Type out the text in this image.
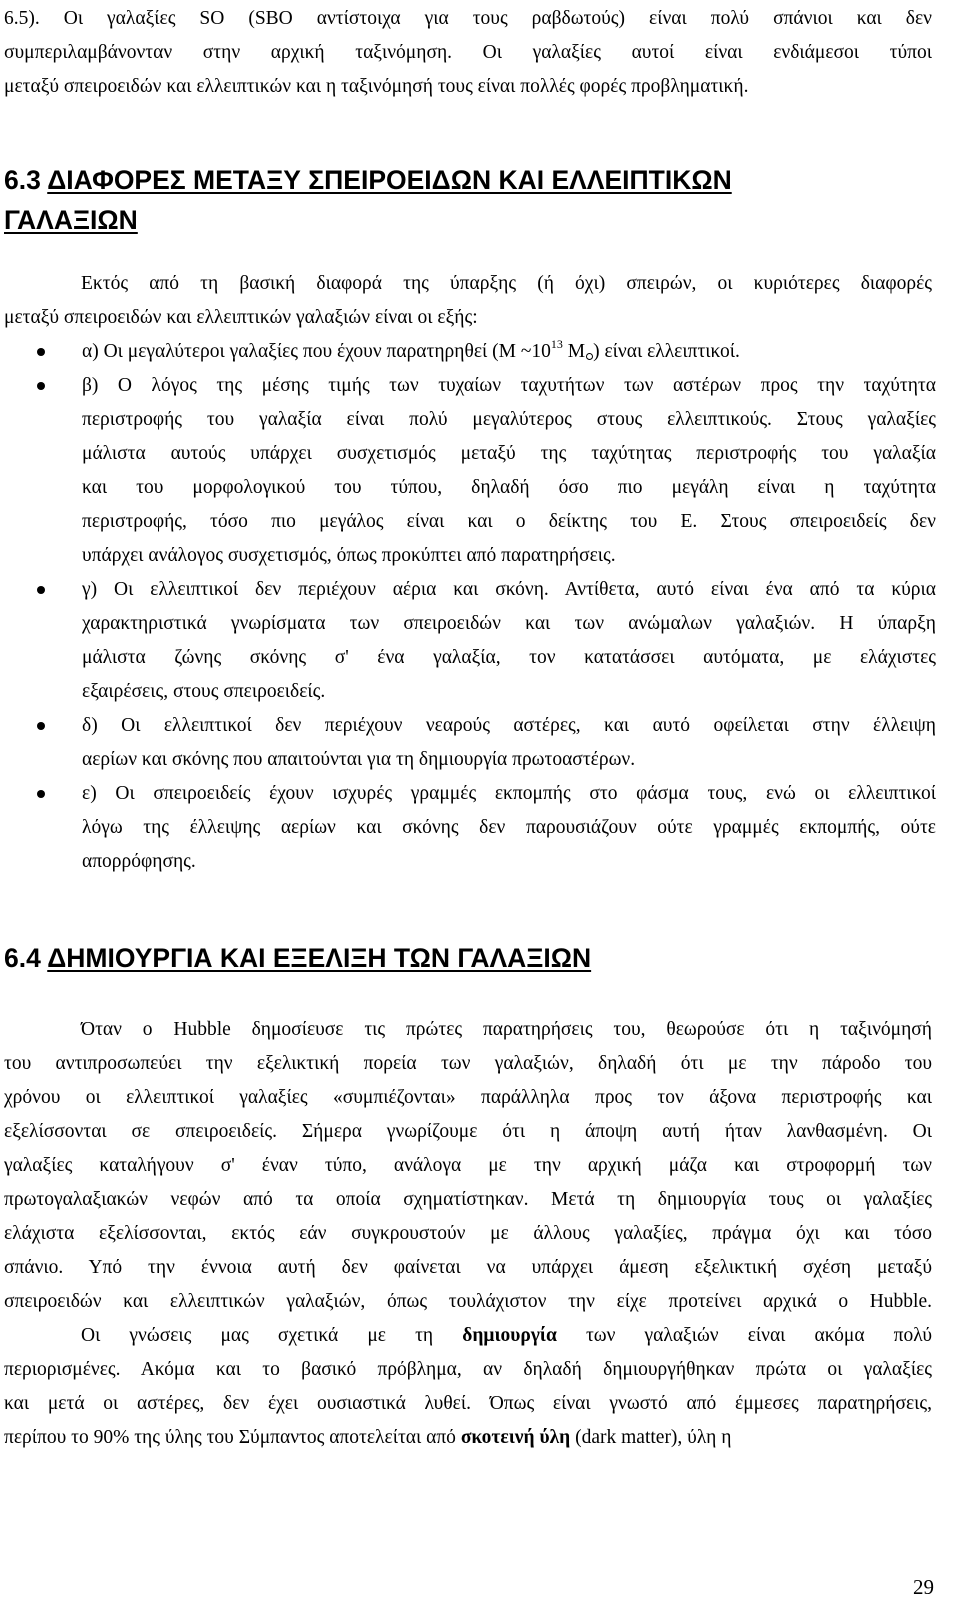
6.5). Οι γαλαξίες SO (SBO αντίστοιχα για τους ραβδωτούς) είναι πολύ σπάνιοι και δεν
συμπεριλαμβάνονταν στην αρχική ταξινόμηση. Οι γαλαξίες αυτοί είναι ενδιάμεσοι τύποι
μεταξύ σπειροειδών και ελλειπτικών και η ταξινόμησή τους είναι πολλές φορές προβληματική.
6.3 ΔΙΑΦΟΡΕΣ ΜΕΤΑΞΥ ΣΠΕΙΡΟΕΙΔΩΝ ΚΑΙ ΕΛΛΕΙΠΤΙΚΩΝ
ΓΑΛΑΞΙΩΝ
Εκτός από τη βασική διαφορά της ύπαρξης (ή όχι) σπειρών, οι κυριότερες διαφορές
μεταξύ σπειροειδών και ελλειπτικών γαλαξιών είναι οι εξής:
α) Οι μεγαλύτεροι γαλαξίες που έχουν παρατηρηθεί (Μ $\sim 10^{13}$ Μ ) είναι ελλειπτικοί.
β) Ο λόγος της μέσης τιμής των τυχαίων ταχυτήτων των αστέρων προς την ταχύτητα
περιστροφής του γαλαξία είναι πολύ μεγαλύτερος στους ελλειπτικούς. Στους γαλαξίες
μάλιστα αυτούς υπάρχει συσχετισμός μεταξύ της ταχύτητας περιστροφής του γαλαξία
και του μορφολογικού του τύπου, δηλαδή όσο πιο μεγάλη είναι η ταχύτητα
περιστροφής, τόσο πιο μεγάλος είναι και ο δείκτης του Ε. Στους σπειροειδείς δεν
υπάρχει ανάλογος συσχετισμός, όπως προκύπτει από παρατηρήσεις.
γ) Οι ελλειπτικοί δεν περιέχουν αέρια και σκόνη. Αντίθετα, αυτό είναι ένα από τα κύρια
χαρακτηριστικά γνωρίσματα των σπειροειδών και των ανώμαλων γαλαξιών. Η ύπαρξη
μάλιστα ζώνης σκόνης σ' ένα γαλαξία, τον κατατάσσει αυτόματα, με ελάχιστες
εξαιρέσεις, στους σπειροειδείς.
δ) Οι ελλειπτικοί δεν περιέχουν νεαρούς αστέρες, και αυτό οφείλεται στην έλλειψη
αερίων και σκόνης που απαιτούνται για τη δημιουργία πρωτοαστέρων.
ε) Οι σπειροειδείς έχουν ισχυρές γραμμές εκπομπής στο φάσμα τους, ενώ οι ελλειπτικοί
λόγω της έλλειψης αερίων και σκόνης δεν παρουσιάζουν ούτε γραμμές εκπομπής, ούτε
απορρόφησης.
6.4 ΔΗΜΙΟΥΡΓΙΑ ΚΑΙ ΕΞΕΛΙΞΗ ΤΩΝ ΓΑΛΑΞΙΩΝ
Όταν ο Hubble δημοσίευσε τις πρώτες παρατηρήσεις του, θεωρούσε ότι η ταξινόμησή
του αντιπροσωπεύει την εξελικτική πορεία των γαλαξιών, δηλαδή ότι με την πάροδο του
χρόνου οι ελλειπτικοί γαλαξίες «συμπιέζονται» παράλληλα προς τον άξονα περιστροφής και
εξελίσσονται σε σπειροειδείς. Σήμερα γνωρίζουμε ότι η άποψη αυτή ήταν λανθασμένη. Οι
γαλαξίες καταλήγουν σ' έναν τύπο, ανάλογα με την αρχική μάζα και στροφορμή των
πρωτογαλαξιακών νεφών από τα οποία σχηματίστηκαν. Μετά τη δημιουργία τους οι γαλαξίες
ελάχιστα εξελίσσονται, εκτός εάν συγκρουστούν με άλλους γαλαξίες, πράγμα όχι και τόσο
σπάνιο. Υπό την έννοια αυτή δεν φαίνεται να υπάρχει άμεση εξελικτική σχέση μεταξύ
σπειροειδών και ελλειπτικών γαλαξιών, όπως τουλάχιστον την είχε προτείνει αρχικά ο Hubble.
Οι γνώσεις μας σχετικά με τη δημιουργία των γαλαξιών είναι ακόμα πολύ
περιορισμένες. Ακόμα και το βασικό πρόβλημα, αν δηλαδή δημιουργήθηκαν πρώτα οι γαλαξίες
και μετά οι αστέρες, δεν έχει ουσιαστικά λυθεί. Όπως είναι γνωστό από έμμεσες παρατηρήσεις,
περίπου το 90% της ύλης του Σύμπαντος αποτελείται από σκοτεινή ύλη (dark matter), ύλη η
29
